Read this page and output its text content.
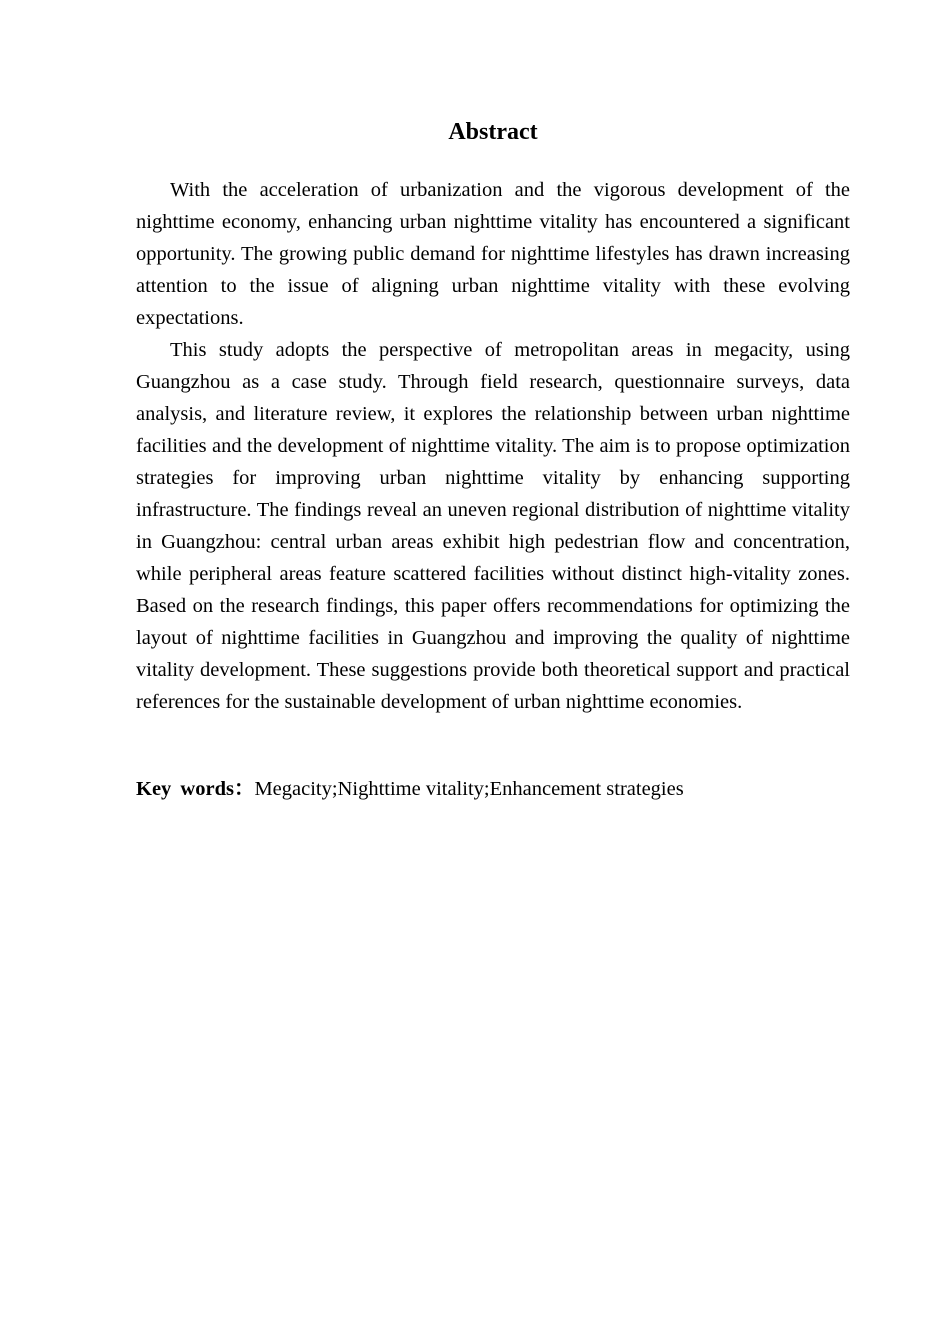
Abstract

With the acceleration of urbanization and the vigorous development of the nighttime economy, enhancing urban nighttime vitality has encountered a significant opportunity. The growing public demand for nighttime lifestyles has drawn increasing attention to the issue of aligning urban nighttime vitality with these evolving expectations.

This study adopts the perspective of metropolitan areas in megacity, using Guangzhou as a case study. Through field research, questionnaire surveys, data analysis, and literature review, it explores the relationship between urban nighttime facilities and the development of nighttime vitality. The aim is to propose optimization strategies for improving urban nighttime vitality by enhancing supporting infrastructure. The findings reveal an uneven regional distribution of nighttime vitality in Guangzhou: central urban areas exhibit high pedestrian flow and concentration, while peripheral areas feature scattered facilities without distinct high-vitality zones. Based on the research findings, this paper offers recommendations for optimizing the layout of nighttime facilities in Guangzhou and improving the quality of nighttime vitality development. These suggestions provide both theoretical support and practical references for the sustainable development of urban nighttime economies.

Key words：Megacity;Nighttime vitality;Enhancement strategies
